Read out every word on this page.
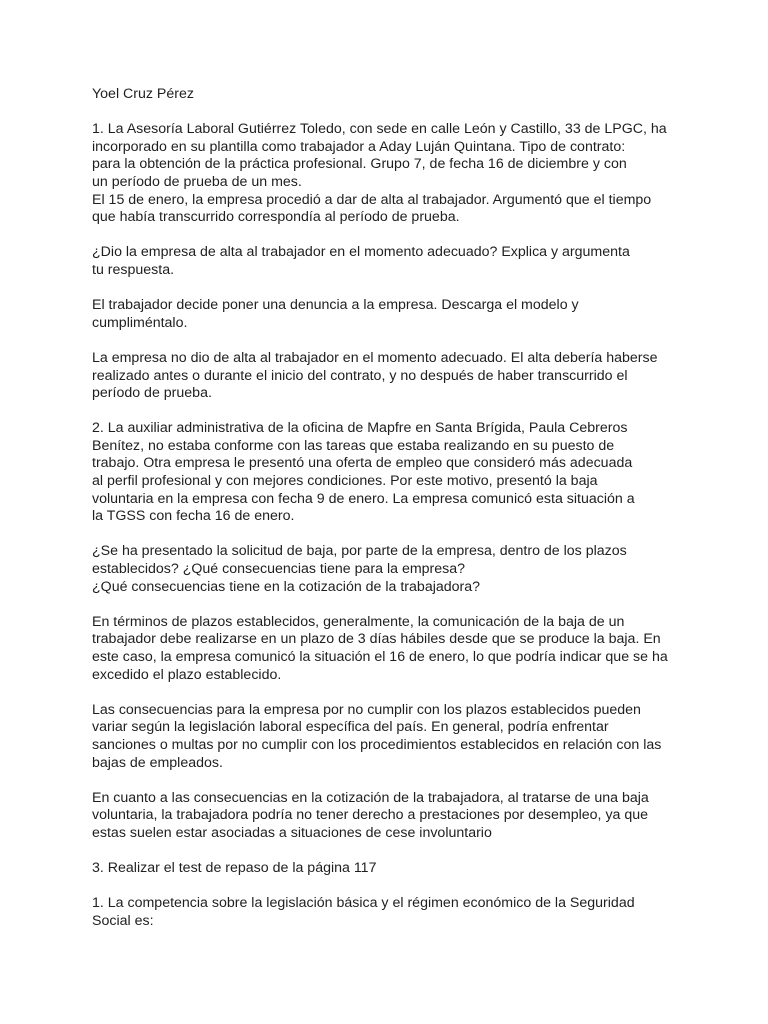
Yoel Cruz Pérez

1. La Asesoría Laboral Gutiérrez Toledo, con sede en calle León y Castillo, 33 de LPGC, ha
incorporado en su plantilla como trabajador a Aday Luján Quintana. Tipo de contrato:
para la obtención de la práctica profesional. Grupo 7, de fecha 16 de diciembre y con
un período de prueba de un mes.
El 15 de enero, la empresa procedió a dar de alta al trabajador. Argumentó que el tiempo
que había transcurrido correspondía al período de prueba.

¿Dio la empresa de alta al trabajador en el momento adecuado? Explica y argumenta
tu respuesta.

El trabajador decide poner una denuncia a la empresa. Descarga el modelo y
cumpliméntalo.

La empresa no dio de alta al trabajador en el momento adecuado. El alta debería haberse
realizado antes o durante el inicio del contrato, y no después de haber transcurrido el
período de prueba.

2. La auxiliar administrativa de la oficina de Mapfre en Santa Brígida, Paula Cebreros
Benítez, no estaba conforme con las tareas que estaba realizando en su puesto de
trabajo. Otra empresa le presentó una oferta de empleo que consideró más adecuada
al perfil profesional y con mejores condiciones. Por este motivo, presentó la baja
voluntaria en la empresa con fecha 9 de enero. La empresa comunicó esta situación a
la TGSS con fecha 16 de enero.

¿Se ha presentado la solicitud de baja, por parte de la empresa, dentro de los plazos
establecidos? ¿Qué consecuencias tiene para la empresa?
¿Qué consecuencias tiene en la cotización de la trabajadora?

En términos de plazos establecidos, generalmente, la comunicación de la baja de un
trabajador debe realizarse en un plazo de 3 días hábiles desde que se produce la baja. En
este caso, la empresa comunicó la situación el 16 de enero, lo que podría indicar que se ha
excedido el plazo establecido.

Las consecuencias para la empresa por no cumplir con los plazos establecidos pueden
variar según la legislación laboral específica del país. En general, podría enfrentar
sanciones o multas por no cumplir con los procedimientos establecidos en relación con las
bajas de empleados.

En cuanto a las consecuencias en la cotización de la trabajadora, al tratarse de una baja
voluntaria, la trabajadora podría no tener derecho a prestaciones por desempleo, ya que
estas suelen estar asociadas a situaciones de cese involuntario

3. Realizar el test de repaso de la página 117

1. La competencia sobre la legislación básica y el régimen económico de la Seguridad
Social es:
